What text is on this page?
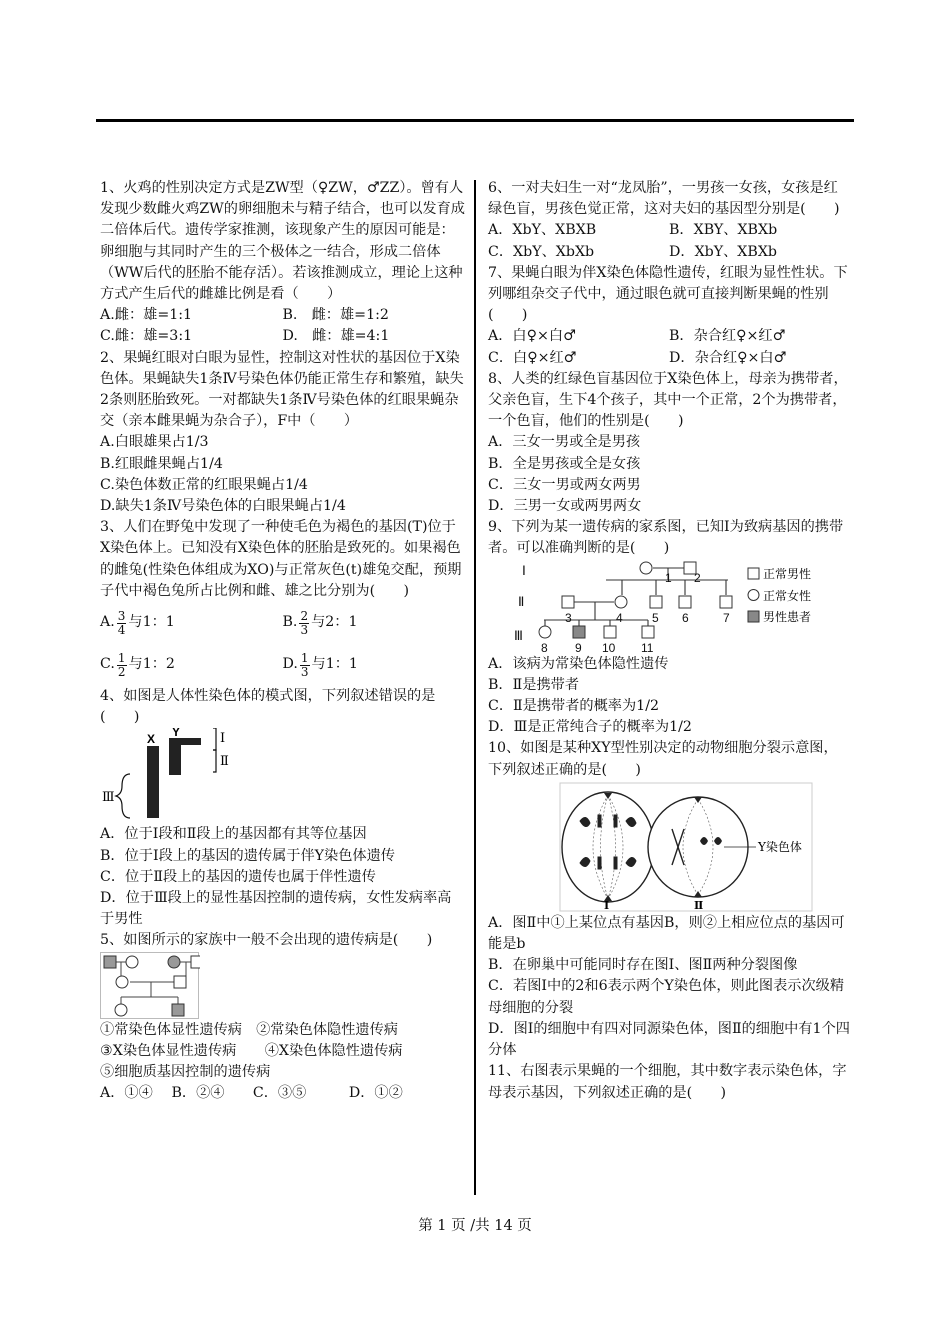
1、火鸡的性别决定方式是ZW型（♀ZW，♂ZZ）。曾有人发现少数雌火鸡ZW的卵细胞未与精子结合，也可以发育成二倍体后代。遗传学家推测，该现象产生的原因可能是：卵细胞与其同时产生的三个极体之一结合，形成二倍体（WW后代的胚胎不能存活）。若该推测成立，理论上这种方式产生后代的雌雄比例是看（　　）

A.雌：雄=1:1	B.　雌：雄=1:2
C.雌：雄=3:1	D.　雌：雄=4:1

2、果蝇红眼对白眼为显性，控制这对性状的基因位于X染色体。果蝇缺失1条Ⅳ号染色体仍能正常生存和繁殖，缺失2条则胚胎致死。一对都缺失1条Ⅳ号染色体的红眼果蝇杂交（亲本雌果蝇为杂合子），F中（　　）

A.白眼雄果占1/3

B.红眼雌果蝇占1/4

C.染色体数正常的红眼果蝇占1/4

D.缺失1条Ⅳ号染色体的白眼果蝇占1/4

3、人们在野兔中发现了一种使毛色为褐色的基因(T)位于X染色体上。已知没有X染色体的胚胎是致死的。如果褐色的雌兔(性染色体组成为XO)与正常灰色(t)雄兔交配，预期子代中褐色兔所占比例和雌、雄之比分别为(　　)

A. $\frac{3}{4}$ 与1：1	B. $\frac{2}{3}$ 与2：1
C. $\frac{1}{2}$ 与1：2	D. $\frac{1}{3}$ 与1：1

4、如图是人体性染色体的模式图，下列叙述错误的是(　　)

X Y	Ⅰ
Ⅱ
Ⅲ

A．位于Ⅰ段和Ⅱ段上的基因都有其等位基因

B．位于Ⅰ段上的基因的遗传属于伴Y染色体遗传

C．位于Ⅱ段上的基因的遗传也属于伴性遗传

D．位于Ⅲ段上的显性基因控制的遗传病，女性发病率高于男性

5、如图所示的家族中一般不会出现的遗传病是(　　)

①常染色体显性遗传病　②常染色体隐性遗传病

③X染色体显性遗传病　　④X染色体隐性遗传病

⑤细胞质基因控制的遗传病

A．①④　 B．②④　　C．③⑤　　　D．①②

6、一对夫妇生一对“龙凤胎”，一男孩一女孩，女孩是红绿色盲，男孩色觉正常，这对夫妇的基因型分别是(　　)

A．XbY、XBXB	B．XBY、XBXb
C．XbY、XbXb	D．XbY、XBXb

7、果蝇白眼为伴X染色体隐性遗传，红眼为显性性状。下列哪组杂交子代中，通过眼色就可直接判断果蝇的性别(　　)

A．白♀×白♂	B．杂合红♀×红♂
C．白♀×红♂	D．杂合红♀×白♂

8、人类的红绿色盲基因位于X染色体上，母亲为携带者，父亲色盲，生下4个孩子，其中一个正常，2个为携带者，一个色盲，他们的性别是(　　)

A．三女一男或全是男孩

B．全是男孩或全是女孩

C．三女一男或两女两男

D．三男一女或两男两女

9、下列为某一遗传病的家系图，已知Ⅰ为致病基因的携带者。可以准确判断的是(　　)

Ⅰ
Ⅱ
Ⅲ
1 2
3	4 5 6	7
8 9 10 11
正常男性
正常女性
男性患者

A．该病为常染色体隐性遗传

B．Ⅱ是携带者

C．Ⅱ是携带者的概率为1/2

D．Ⅲ是正常纯合子的概率为1/2

10、如图是某种XY型性别决定的动物细胞分裂示意图，下列叙述正确的是(　　)

Ⅰ
Y染色体
Ⅱ

A．图Ⅱ中①上某位点有基因B，则②上相应位点的基因可能是b

B．在卵巢中可能同时存在图Ⅰ、图Ⅱ两种分裂图像

C．若图Ⅰ中的2和6表示两个Y染色体，则此图表示次级精母细胞的分裂

D．图Ⅰ的细胞中有四对同源染色体，图Ⅱ的细胞中有1个四分体

11、右图表示果蝇的一个细胞，其中数字表示染色体，字母表示基因，下列叙述正确的是(　　)

第 1 页 /共 14 页
